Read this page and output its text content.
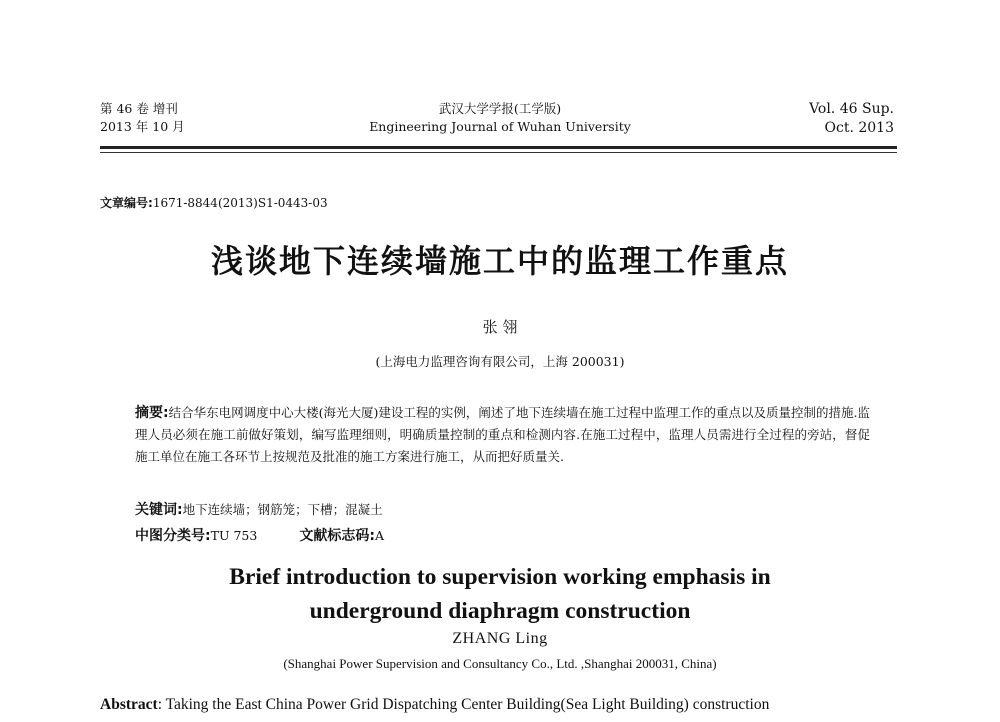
第 46 卷 增刊
2013 年 10 月
武汉大学学报(工学版)
Engineering Journal of Wuhan University
Vol. 46 Sup.
Oct. 2013
文章编号:1671-8844(2013)S1-0443-03
浅谈地下连续墙施工中的监理工作重点
张 翎
(上海电力监理咨询有限公司，上海 200031)
摘要:结合华东电网调度中心大楼(海光大厦)建设工程的实例，阐述了地下连续墙在施工过程中监理工作的重点以及质量控制的措施.监理人员必须在施工前做好策划，编写监理细则，明确质量控制的重点和检测内容.在施工过程中，监理人员需进行全过程的旁站，督促施工单位在施工各环节上按规范及批准的施工方案进行施工，从而把好质量关.
关键词:地下连续墙；钢筋笼；下槽；混凝土
中图分类号:TU 753	文献标志码:A
Brief introduction to supervision working emphasis in
underground diaphragm construction
ZHANG Ling
(Shanghai Power Supervision and Consultancy Co., Ltd. ,Shanghai 200031, China)
Abstract: Taking the East China Power Grid Dispatching Center Building(Sea Light Building) construction
